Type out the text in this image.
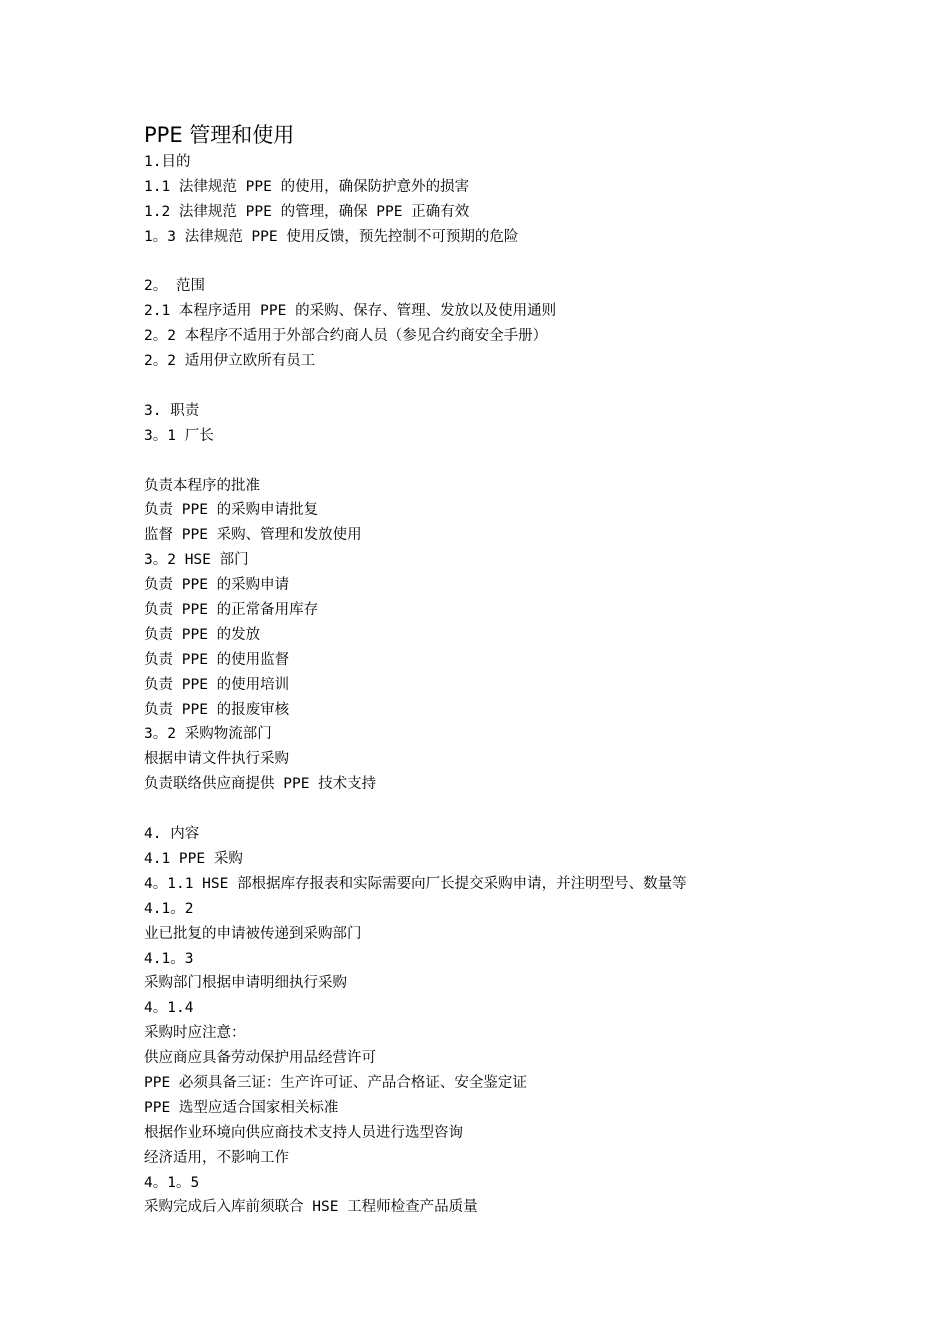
PPE 管理和使用
1.目的
1.1 法律规范 PPE 的使用，确保防护意外的损害
1.2 法律规范 PPE 的管理，确保 PPE 正确有效
1。3 法律规范 PPE 使用反馈，预先控制不可预期的危险
2。 范围
2.1 本程序适用 PPE 的采购、保存、管理、发放以及使用通则
2。2 本程序不适用于外部合约商人员（参见合约商安全手册）
2。2 适用伊立欧所有员工
3. 职责
3。1 厂长
负责本程序的批准
负责 PPE 的采购申请批复
监督 PPE 采购、管理和发放使用
3。2 HSE 部门
负责 PPE 的采购申请
负责 PPE 的正常备用库存
负责 PPE 的发放
负责 PPE 的使用监督
负责 PPE 的使用培训
负责 PPE 的报废审核
3。2 采购物流部门
根据申请文件执行采购
负责联络供应商提供 PPE 技术支持
4. 内容
4.1 PPE 采购
4。1.1 HSE 部根据库存报表和实际需要向厂长提交采购申请，并注明型号、数量等
4.1。2
业已批复的申请被传递到采购部门
4.1。3
采购部门根据申请明细执行采购
4。1.4
采购时应注意：
供应商应具备劳动保护用品经营许可
PPE 必须具备三证：生产许可证、产品合格证、安全鉴定证
PPE 选型应适合国家相关标准
根据作业环境向供应商技术支持人员进行选型咨询
经济适用，不影响工作
4。1。5
采购完成后入库前须联合 HSE 工程师检查产品质量
